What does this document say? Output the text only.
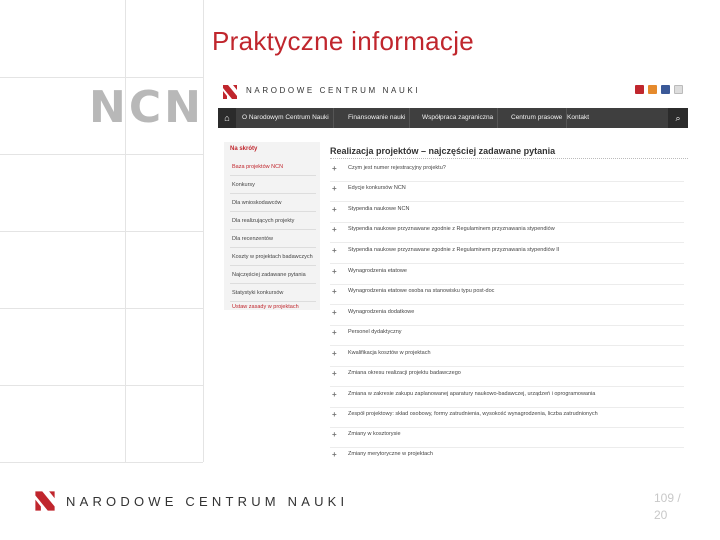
Praktyczne informacje
NCN	NARODOWE CENTRUM NAUKI
⌂	O Narodowym Centrum Nauki	Finansowanie nauki	Współpraca zagraniczna	Centrum prasowe Kontakt	⌕
Na skróty
Baza projektów NCN
Konkursy
Dla wnioskodawców
Dla realizujących projekty
Dla recenzentów
Koszty w projektach badawczych
Najczęściej zadawane pytania
Statystyki konkursów
Ustaw zasady w projektach
Realizacja projektów – najczęściej zadawane pytania
+ Czym jest numer rejestracyjny projektu?
+ Edycje konkursów NCN
+ Stypendia naukowe NCN
+ Stypendia naukowe przyznawane zgodnie z Regulaminem przyznawania stypendiów
+ Stypendia naukowe przyznawane zgodnie z Regulaminem przyznawania stypendiów II
+ Wynagrodzenia etatowe
+ Wynagrodzenia etatowe osoba na stanowisku typu post-doc
+ Wynagrodzenia dodatkowe
+ Personel dydaktyczny
+ Kwalifikacja kosztów w projektach
+ Zmiana okresu realizacji projektu badawczego
+ Zmiana w zakresie zakupu zaplanowanej aparatury naukowo-badawczej, urządzeń i oprogramowania
+ Zespół projektowy: skład osobowy, formy zatrudnienia, wysokość wynagrodzenia, liczba zatrudnionych
+ Zmiany w kosztorysie
+ Zmiany merytoryczne w projektach
NARODOWE CENTRUM NAUKI	109 /
20
